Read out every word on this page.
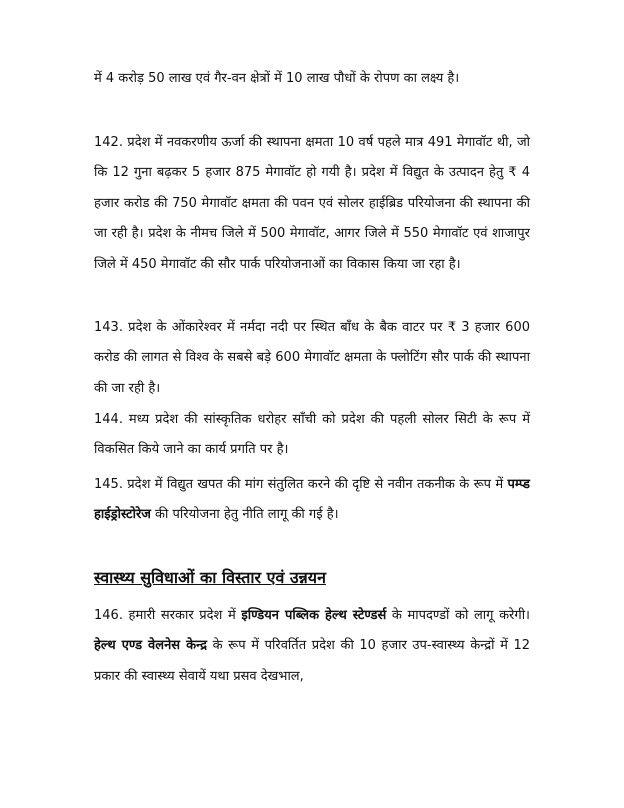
में 4 करोड़ 50 लाख एवं गैर-वन क्षेत्रों में 10 लाख पौधों के रोपण का लक्ष्य है।

142. प्रदेश में नवकरणीय ऊर्जा की स्थापना क्षमता 10 वर्ष पहले मात्र 491 मेगावॉट थी, जो कि 12 गुना बढ़कर 5 हजार 875 मेगावॉट हो गयी है। प्रदेश में विद्युत के उत्पादन हेतु ₹ 4 हजार करोड की 750 मेगावॉट क्षमता की पवन एवं सोलर हाईब्रिड परियोजना की स्थापना की जा रही है। प्रदेश के नीमच जिले में 500 मेगावॉट, आगर जिले में 550 मेगावॉट एवं शाजापुर जिले में 450 मेगावॉट की सौर पार्क परियोजनाओं का विकास किया जा रहा है।

143. प्रदेश के ओंकारेश्वर में नर्मदा नदी पर स्थित बाँध के बैक वाटर पर ₹ 3 हजार 600 करोड की लागत से विश्व के सबसे बड़े 600 मेगावॉट क्षमता के फ्लोटिंग सौर पार्क की स्थापना की जा रही है।

144. मध्य प्रदेश की सांस्कृतिक धरोहर साँची को प्रदेश की पहली सोलर सिटी के रूप में विकसित किये जाने का कार्य प्रगति पर है।

145. प्रदेश में विद्युत खपत की मांग संतुलित करने की दृष्टि से नवीन तकनीक के रूप में पम्प्ड हाईड्रोस्टोरेज की परियोजना हेतु नीति लागू की गई है।

स्वास्थ्य सुविधाओं का विस्तार एवं उन्नयन

146. हमारी सरकार प्रदेश में इण्डियन पब्लिक हेल्थ स्टेण्डर्स के मापदण्डों को लागू करेगी। हेल्थ एण्ड वेलनेस केन्द्र के रूप में परिवर्तित प्रदेश की 10 हजार उप-स्वास्थ्य केन्द्रों में 12 प्रकार की स्वास्थ्य सेवायें यथा प्रसव देखभाल,
